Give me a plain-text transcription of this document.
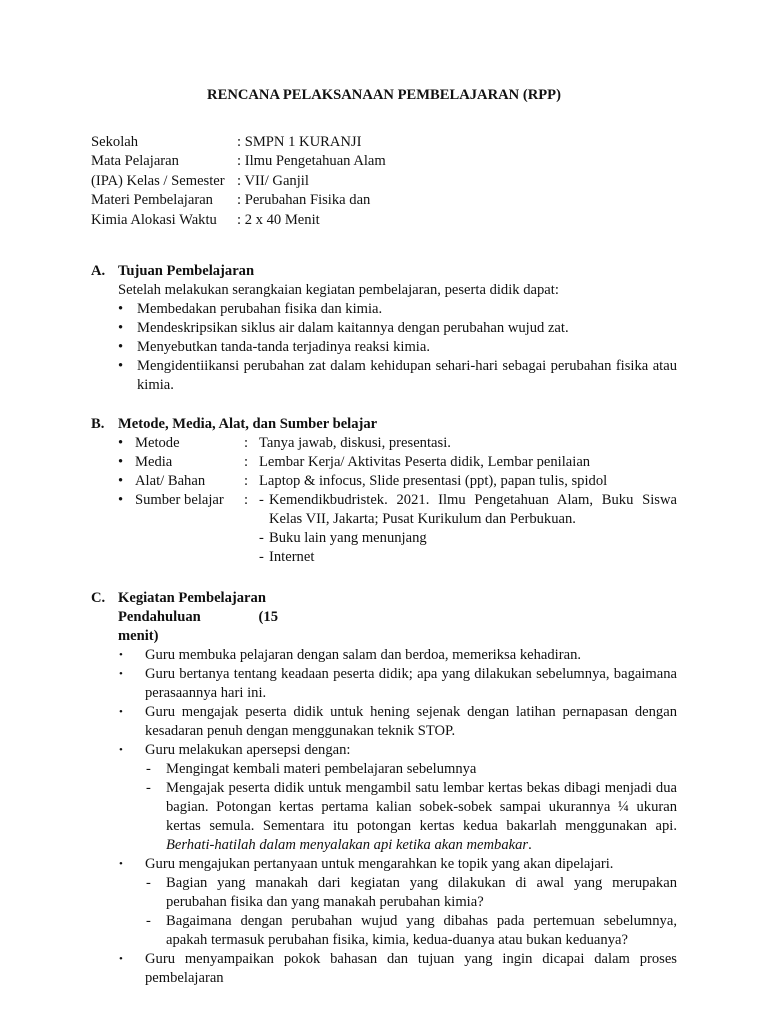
RENCANA PELAKSANAAN PEMBELAJARAN (RPP)
Sekolah	: SMPN 1 KURANJI
Mata Pelajaran	: Ilmu Pengetahuan Alam
(IPA) Kelas / Semester : VII/ Ganjil
Materi Pembelajaran	: Perubahan Fisika dan
Kimia Alokasi Waktu	: 2 x 40 Menit
A. Tujuan Pembelajaran
Setelah melakukan serangkaian kegiatan pembelajaran, peserta didik dapat:
• Membedakan perubahan fisika dan kimia.
• Mendeskripsikan siklus air dalam kaitannya dengan perubahan wujud zat.
• Menyebutkan tanda-tanda terjadinya reaksi kimia.
• Mengidentiikansi perubahan zat dalam kehidupan sehari-hari sebagai perubahan fisika atau kimia.
B. Metode, Media, Alat, dan Sumber belajar
• Metode	: Tanya jawab, diskusi, presentasi.
• Media	: Lembar Kerja/ Aktivitas Peserta didik, Lembar penilaian
• Alat/ Bahan	: Laptop & infocus, Slide presentasi (ppt), papan tulis, spidol
• Sumber belajar	: - Kemendikbudristek. 2021. Ilmu Pengetahuan Alam, Buku Siswa Kelas VII, Jakarta; Pusat Kurikulum dan Perbukuan.
- Buku lain yang menunjang
- Internet
C. Kegiatan Pembelajaran
Pendahuluan	(15
menit)
• Guru membuka pelajaran dengan salam dan berdoa, memeriksa kehadiran.
• Guru bertanya tentang keadaan peserta didik; apa yang dilakukan sebelumnya, bagaimana perasaannya hari ini.
• Guru mengajak peserta didik untuk hening sejenak dengan latihan pernapasan dengan kesadaran penuh dengan menggunakan teknik STOP.
• Guru melakukan apersepsi dengan:
- Mengingat kembali materi pembelajaran sebelumnya
- Mengajak peserta didik untuk mengambil satu lembar kertas bekas dibagi menjadi dua bagian. Potongan kertas pertama kalian sobek-sobek sampai ukurannya ¼ ukuran kertas semula. Sementara itu potongan kertas kedua bakarlah menggunakan api. Berhati-hatilah dalam menyalakan api ketika akan membakar.
• Guru mengajukan pertanyaan untuk mengarahkan ke topik yang akan dipelajari.
- Bagian yang manakah dari kegiatan yang dilakukan di awal yang merupakan perubahan fisika dan yang manakah perubahan kimia?
- Bagaimana dengan perubahan wujud yang dibahas pada pertemuan sebelumnya, apakah termasuk perubahan fisika, kimia, kedua-duanya atau bukan keduanya?
• Guru menyampaikan pokok bahasan dan tujuan yang ingin dicapai dalam proses pembelajaran
